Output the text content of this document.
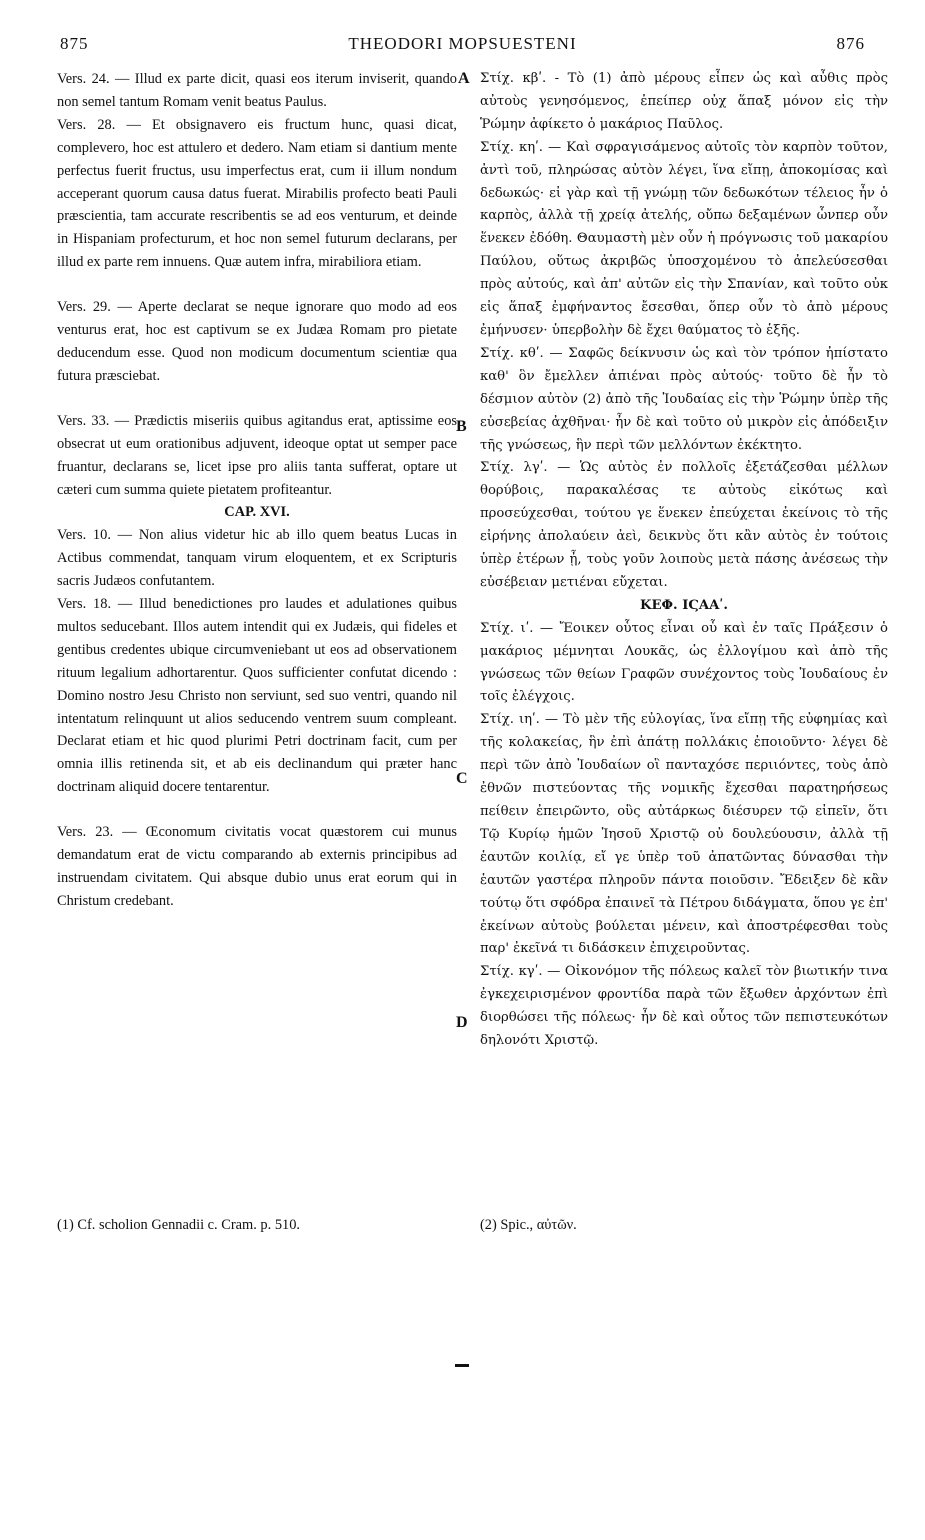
875	THEODORI MOPSUESTENI	876

Vers. 24. — Illud ex parte dicit, quasi eos iterum inviserit, quando non semel tantum Romam venit beatus Paulus.

Vers. 28. — Et obsignavero eis fructum hunc, quasi dicat, complevero, hoc est attulero et dedero. Nam etiam si dantium mente perfectus fuerit fructus, usu imperfectus erat, cum ii illum nondum acceperant quorum causa datus fuerat. Mirabilis profecto beati Pauli præscientia, tam accurate rescribentis se ad eos venturum, et deinde in Hispaniam profecturum, et hoc non semel futurum declarans, per illud ex parte rem innuens. Quæ autem infra, mirabiliora etiam.

Vers. 29. — Aperte declarat se neque ignorare quo modo ad eos venturus erat, hoc est captivum se ex Judæa Romam pro pietate deducendum esse. Quod non modicum documentum scientiæ qua futura præsciebat.

Vers. 33. — Prædictis miseriis quibus agitandus erat, aptissime eos obsecrat ut eum orationibus adjuvent, ideoque optat ut semper pace fruantur, declarans se, licet ipse pro aliis tanta sufferat, optare ut cæteri cum summa quiete pietatem profiteantur.

CAP. XVI.

Vers. 10. — Non alius videtur hic ab illo quem beatus Lucas in Actibus commendat, tanquam virum eloquentem, et ex Scripturis sacris Judæos confutantem.

Vers. 18. — Illud benedictiones pro laudes et adulationes quibus multos seducebant. Illos autem intendit qui ex Judæis, qui fideles et gentibus credentes ubique circumveniebant ut eos ad observationem rituum legalium adhortarentur. Quos sufficienter confutat dicendo : Domino nostro Jesu Christo non serviunt, sed suo ventri, quando nil intentatum relinquunt ut alios seducendo ventrem suum compleant. Declarat etiam et hic quod plurimi Petri doctrinam facit, cum per omnia illis retinenda sit, et ab eis declinandum qui præter hanc doctrinam aliquid docere tentarentur.

Vers. 23. — Œconomum civitatis vocat quæstorem cui munus demandatum erat de victu comparando ab externis principibus ad instruendam civitatem. Qui absque dubio unus erat eorum qui in Christum credebant.

Στίχ. κβʹ. - Τὸ (1) ἀπὸ μέρους εἶπεν ὡς καὶ αὖθις πρὸς αὐτοὺς γενησόμενος, ἐπείπερ οὐχ ἅπαξ μόνον εἰς τὴν Ῥώμην ἀφίκετο ὁ μακάριος Παῦλος.

Στίχ. κηʹ. — Καὶ σφραγισάμενος αὐτοῖς τὸν καρπὸν τοῦτον, ἀντὶ τοῦ, πληρώσας αὐτὸν λέγει, ἵνα εἴπῃ, ἀποκομίσας καὶ δεδωκώς· εἰ γὰρ καὶ τῇ γνώμῃ τῶν δεδωκότων τέλειος ἦν ὁ καρπὸς, ἀλλὰ τῇ χρείᾳ ἀτελής, οὔπω δεξαμένων ὧνπερ οὖν ἕνεκεν ἐδόθη. Θαυμαστὴ μὲν οὖν ἡ πρόγνωσις τοῦ μακαρίου Παύλου, οὕτως ἀκριβῶς ὑποσχομένου τὸ ἀπελεύσεσθαι πρὸς αὐτούς, καὶ ἀπ' αὐτῶν εἰς τὴν Σπανίαν, καὶ τοῦτο οὐκ εἰς ἅπαξ ἐμφήναντος ἔσεσθαι, ὅπερ οὖν τὸ ἀπὸ μέρους ἐμήνυσεν· ὑπερβολὴν δὲ ἔχει θαύματος τὸ ἑξῆς.

Στίχ. κθʹ. — Σαφῶς δείκνυσιν ὡς καὶ τὸν τρόπον ἠπίστατο καθ' ὃν ἔμελλεν ἀπιέναι πρὸς αὐτούς· τοῦτο δὲ ἦν τὸ δέσμιον αὐτὸν (2) ἀπὸ τῆς Ἰουδαίας εἰς τὴν Ῥώμην ὑπὲρ τῆς εὐσεβείας ἀχθῆναι· ἦν δὲ καὶ τοῦτο οὐ μικρὸν εἰς ἀπόδειξιν τῆς γνώσεως, ἣν περὶ τῶν μελλόντων ἐκέκτητο.

Στίχ. λγʹ. — Ὡς αὐτὸς ἐν πολλοῖς ἐξετάζεσθαι μέλλων θορύβοις, παρακαλέσας τε αὐτοὺς εἰκότως καὶ προσεύχεσθαι, τούτου γε ἕνεκεν ἐπεύχεται ἐκείνοις τὸ τῆς εἰρήνης ἀπολαύειν ἀεὶ, δεικνὺς ὅτι κἂν αὐτὸς ἐν τούτοις ὑπὲρ ἑτέρων ᾖ, τοὺς γοῦν λοιποὺς μετὰ πάσης ἀνέσεως τὴν εὐσέβειαν μετιέναι εὔχεται.

ΚΕΦ. ΙϚΑΑʹ.

Στίχ. ιʹ. — Ἔοικεν οὗτος εἶναι οὗ καὶ ἐν ταῖς Πράξεσιν ὁ μακάριος μέμνηται Λουκᾶς, ὡς ἐλλογίμου καὶ ἀπὸ τῆς γνώσεως τῶν θείων Γραφῶν συνέχοντος τοὺς Ἰουδαίους ἐν τοῖς ἐλέγχοις.

Στίχ. ιηʹ. — Τὸ μὲν τῆς εὐλογίας, ἵνα εἴπῃ τῆς εὐφημίας καὶ τῆς κολακείας, ἣν ἐπὶ ἀπάτῃ πολλάκις ἐποιοῦντο· λέγει δὲ περὶ τῶν ἀπὸ Ἰουδαίων οἳ πανταχόσε περιιόντες, τοὺς ἀπὸ ἐθνῶν πιστεύοντας τῆς νομικῆς ἔχεσθαι παρατηρήσεως πείθειν ἐπειρῶντο, οὓς αὐτάρκως διέσυρεν τῷ εἰπεῖν, ὅτι Τῷ Κυρίῳ ἡμῶν Ἰησοῦ Χριστῷ οὐ δουλεύουσιν, ἀλλὰ τῇ ἑαυτῶν κοιλίᾳ, εἴ γε ὑπὲρ τοῦ ἀπατῶντας δύνασθαι τὴν ἑαυτῶν γαστέρα πληροῦν πάντα ποιοῦσιν. Ἔδειξεν δὲ κἂν τούτῳ ὅτι σφόδρα ἐπαινεῖ τὰ Πέτρου διδάγματα, ὅπου γε ἐπ' ἐκείνων αὐτοὺς βούλεται μένειν, καὶ ἀποστρέφεσθαι τοὺς παρ' ἐκεῖνά τι διδάσκειν ἐπιχειροῦντας.

Στίχ. κγʹ. — Οἰκονόμον τῆς πόλεως καλεῖ τὸν βιωτικήν τινα ἐγκεχειρισμένον φροντίδα παρὰ τῶν ἔξωθεν ἀρχόντων ἐπὶ διορθώσει τῆς πόλεως· ἦν δὲ καὶ οὗτος τῶν πεπιστευκότων δηλονότι Χριστῷ.

A
B
C
D
(1) Cf. scholion Gennadii c. Cram. p. 510.	(2) Spic., αὐτῶν.
